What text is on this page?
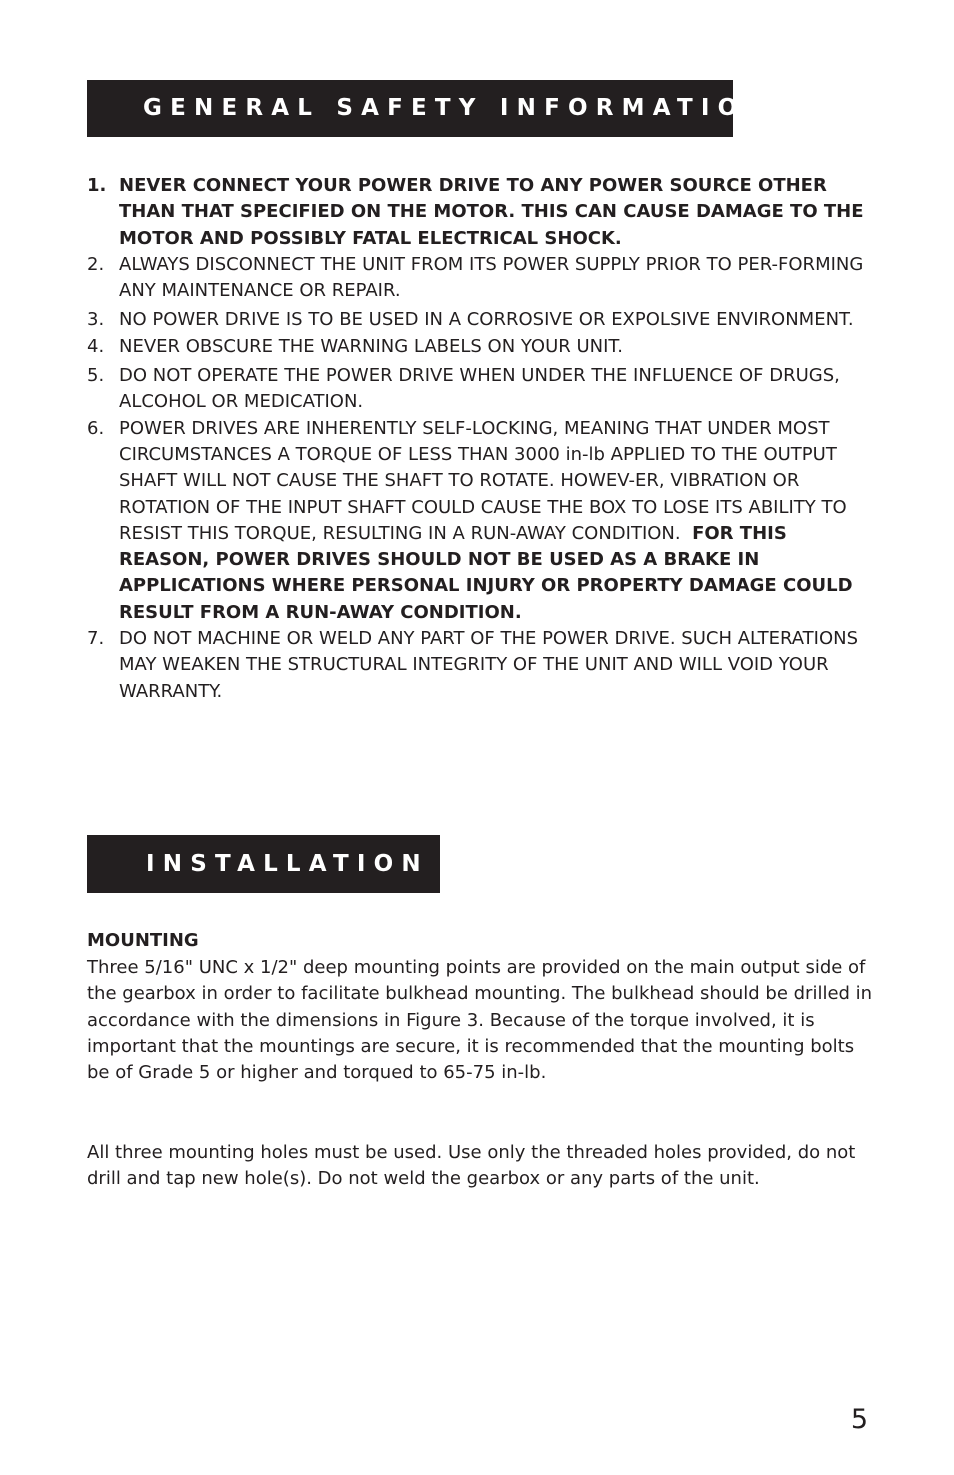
GENERAL SAFETY INFORMATION
1. NEVER CONNECT YOUR POWER DRIVE TO ANY POWER SOURCE OTHER THAN THAT SPECIFIED ON THE MOTOR. THIS CAN CAUSE DAMAGE TO THE MOTOR AND POSSIBLY FATAL ELECTRICAL SHOCK.
2. ALWAYS DISCONNECT THE UNIT FROM ITS POWER SUPPLY PRIOR TO PER-FORMING ANY MAINTENANCE OR REPAIR.
3. NO POWER DRIVE IS TO BE USED IN A CORROSIVE OR EXPOLSIVE ENVIRONMENT.
4. NEVER OBSCURE THE WARNING LABELS ON YOUR UNIT.
5. DO NOT OPERATE THE POWER DRIVE WHEN UNDER THE INFLUENCE OF DRUGS, ALCOHOL OR MEDICATION.
6. POWER DRIVES ARE INHERENTLY SELF-LOCKING, MEANING THAT UNDER MOST CIRCUMSTANCES A TORQUE OF LESS THAN 3000 in-lb APPLIED TO THE OUTPUT SHAFT WILL NOT CAUSE THE SHAFT TO ROTATE. HOWEV-ER, VIBRATION OR ROTATION OF THE INPUT SHAFT COULD CAUSE THE BOX TO LOSE ITS ABILITY TO RESIST THIS TORQUE, RESULTING IN A RUN-AWAY CONDITION. FOR THIS REASON, POWER DRIVES SHOULD NOT BE USED AS A BRAKE IN APPLICATIONS WHERE PERSONAL INJURY OR PROPERTY DAMAGE COULD RESULT FROM A RUN-AWAY CONDITION.
7. DO NOT MACHINE OR WELD ANY PART OF THE POWER DRIVE. SUCH ALTERATIONS MAY WEAKEN THE STRUCTURAL INTEGRITY OF THE UNIT AND WILL VOID YOUR WARRANTY.
INSTALLATION
MOUNTING

Three 5/16" UNC x 1/2" deep mounting points are provided on the main output side of the gearbox in order to facilitate bulkhead mounting. The bulkhead should be drilled in accordance with the dimensions in Figure 3. Because of the torque involved, it is important that the mountings are secure, it is recommended that the mounting bolts be of Grade 5 or higher and torqued to 65-75 in-lb.

All three mounting holes must be used. Use only the threaded holes provided, do not drill and tap new hole(s). Do not weld the gearbox or any parts of the unit.

5
